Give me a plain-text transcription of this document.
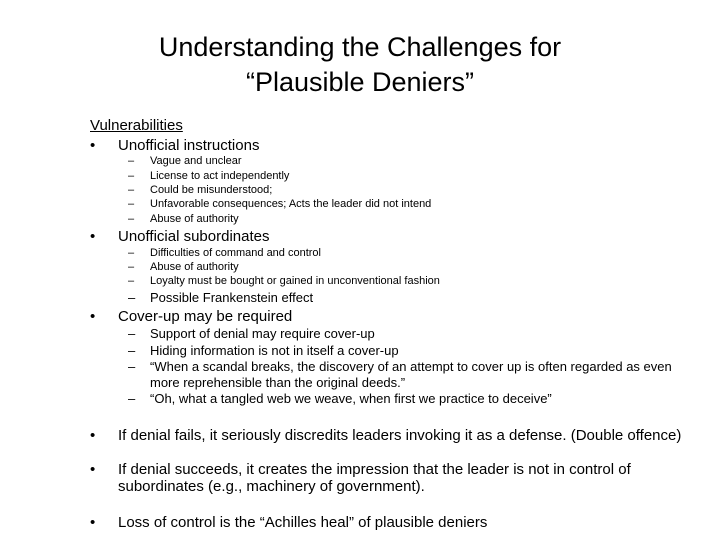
Understanding the Challenges for
“Plausible Deniers”
Vulnerabilities
• Unofficial instructions
– Vague and unclear
– License to act independently
– Could be misunderstood;
– Unfavorable consequences; Acts the leader did not intend
– Abuse of authority
• Unofficial subordinates
– Difficulties of command and control
– Abuse of authority
– Loyalty must be bought or gained in unconventional fashion
– Possible Frankenstein effect
• Cover-up may be required
– Support of denial may require cover-up
– Hiding information is not in itself a cover-up
– “When a scandal breaks, the discovery of an attempt to cover up is often regarded as even more reprehensible than the original deeds.”
– “Oh, what a tangled web we weave, when first we practice to deceive”
• If denial fails, it seriously discredits leaders invoking it as a defense. (Double offence)
• If denial succeeds, it creates the impression that the leader is not in control of subordinates (e.g., machinery of government).
• Loss of control is the “Achilles heal” of plausible deniers
